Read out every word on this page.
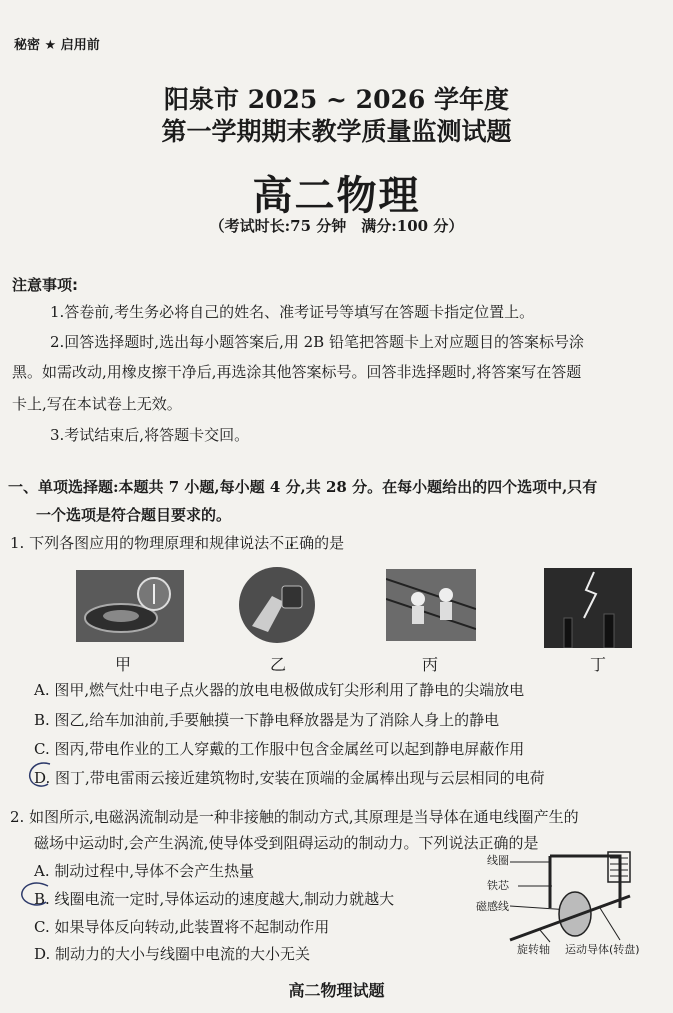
秘密 ★ 启用前
阳泉市 2025 ~ 2026 学年度
第一学期期末教学质量监测试题
高二物理
（考试时长:75 分钟　满分:100 分）
注意事项:
1.答卷前,考生务必将自己的姓名、准考证号等填写在答题卡指定位置上。
2.回答选择题时,选出每小题答案后,用 2B 铅笔把答题卡上对应题目的答案标号涂
黑。如需改动,用橡皮擦干净后,再选涂其他答案标号。回答非选择题时,将答案写在答题
卡上,写在本试卷上无效。
3.考试结束后,将答题卡交回。
一、单项选择题:本题共 7 小题,每小题 4 分,共 28 分。在每小题给出的四个选项中,只有
一个选项是符合题目要求的。
1. 下列各图应用的物理原理和规律说法不正确 •的是
甲	乙	丙	丁
A. 图甲,燃气灶中电子点火器的放电电极做成钉尖形利用了静电的尖端放电
B. 图乙,给车加油前,手要触摸一下静电释放器是为了消除人身上的静电
C. 图丙,带电作业的工人穿戴的工作服中包含金属丝可以起到静电屏蔽作用
D. 图丁,带电雷雨云接近建筑物时,安装在顶端的金属棒出现与云层相同的电荷
2. 如图所示,电磁涡流制动是一种非接触的制动方式,其原理是当导体在通电线圈产生的
磁场中运动时,会产生涡流,使导体受到阻碍运动的制动力。下列说法正确的是
A. 制动过程中,导体不会产生热量
B. 线圈电流一定时,导体运动的速度越大,制动力就越大
C. 如果导体反向转动,此装置将不起制动作用
D. 制动力的大小与线圈中电流的大小无关
线圈
铁芯
磁感线
旋转轴 运动导体(转盘)
高二物理试题
